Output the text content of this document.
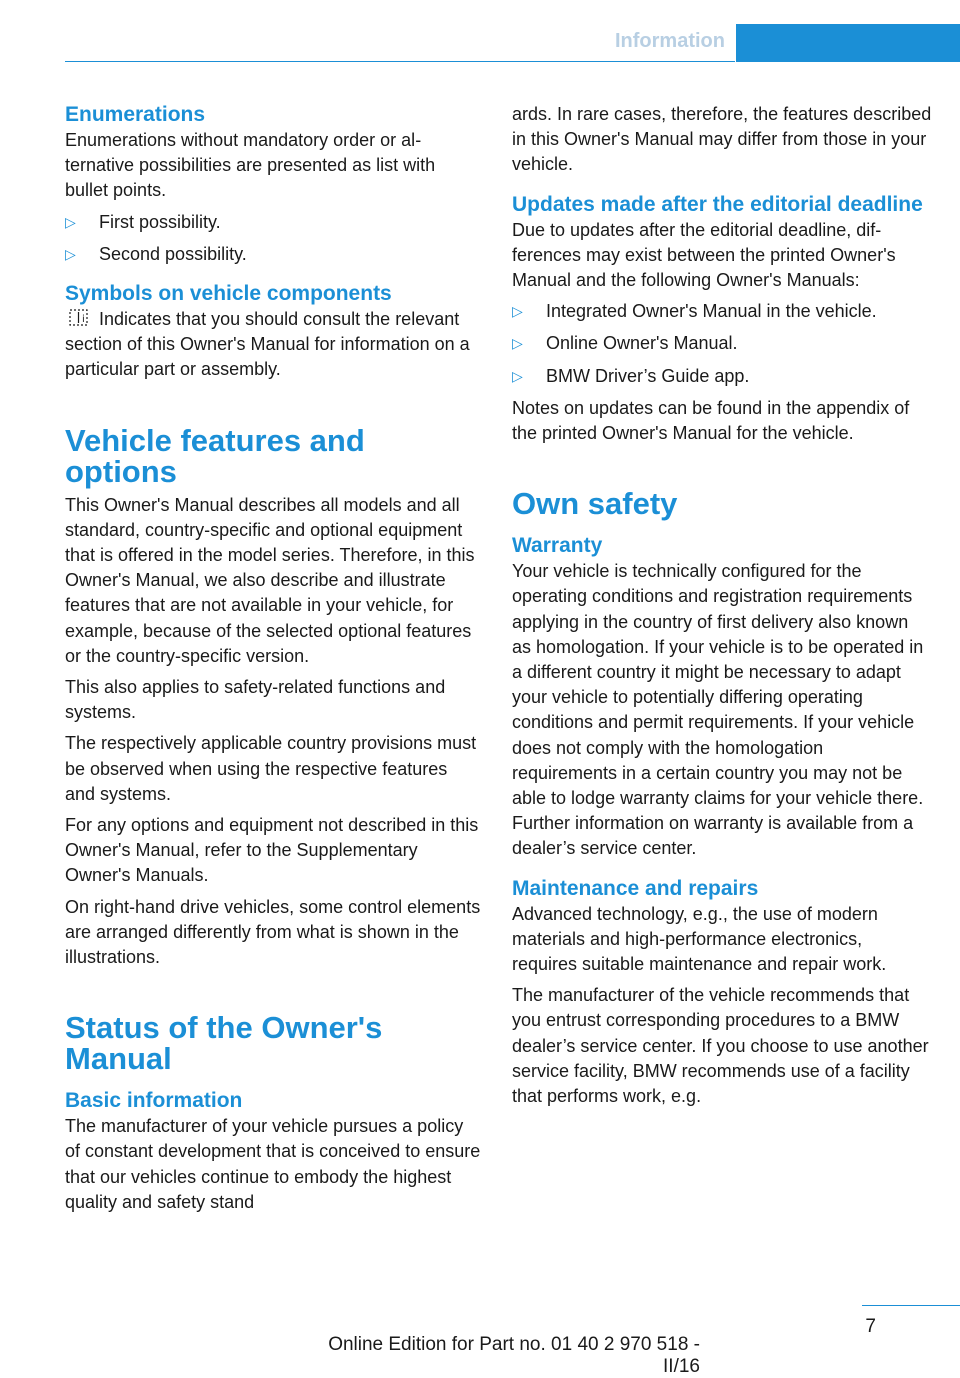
Information
Enumerations

Enumerations without mandatory order or alternative possibilities are presented as list with bullet points.

▷ First possibility.
▷ Second possibility.
Symbols on vehicle components

i Indicates that you should consult the relevant section of this Owner's Manual for information on a particular part or assembly.

Vehicle features and options

This Owner's Manual describes all models and all standard, country-specific and optional equipment that is offered in the model series. Therefore, in this Owner's Manual, we also describe and illustrate features that are not available in your vehicle, for example, because of the selected optional features or the country-specific version.

This also applies to safety-related functions and systems.

The respectively applicable country provisions must be observed when using the respective features and systems.

For any options and equipment not described in this Owner's Manual, refer to the Supplementary Owner's Manuals.

On right-hand drive vehicles, some control elements are arranged differently from what is shown in the illustrations.

Status of the Owner's Manual
Basic information

The manufacturer of your vehicle pursues a policy of constant development that is conceived to ensure that our vehicles continue to embody the highest quality and safety stand

ards. In rare cases, therefore, the features described in this Owner's Manual may differ from those in your vehicle.

Updates made after the editorial deadline

Due to updates after the editorial deadline, differences may exist between the printed Owner's Manual and the following Owner's Manuals:

▷ Integrated Owner's Manual in the vehicle.
▷ Online Owner's Manual.
▷ BMW Driver’s Guide app.

Notes on updates can be found in the appendix of the printed Owner's Manual for the vehicle.

Own safety
Warranty

Your vehicle is technically configured for the operating conditions and registration requirements applying in the country of first delivery also known as homologation. If your vehicle is to be operated in a different country it might be necessary to adapt your vehicle to potentially differing operating conditions and permit requirements. If your vehicle does not comply with the homologation requirements in a certain country you may not be able to lodge warranty claims for your vehicle there. Further information on warranty is available from a dealer’s service center.

Maintenance and repairs

Advanced technology, e.g., the use of modern materials and high-performance electronics, requires suitable maintenance and repair work.

The manufacturer of the vehicle recommends that you entrust corresponding procedures to a BMW dealer’s service center. If you choose to use another service facility, BMW recommends use of a facility that performs work, e.g.

7
Online Edition for Part no. 01 40 2 970 518 - II/16
